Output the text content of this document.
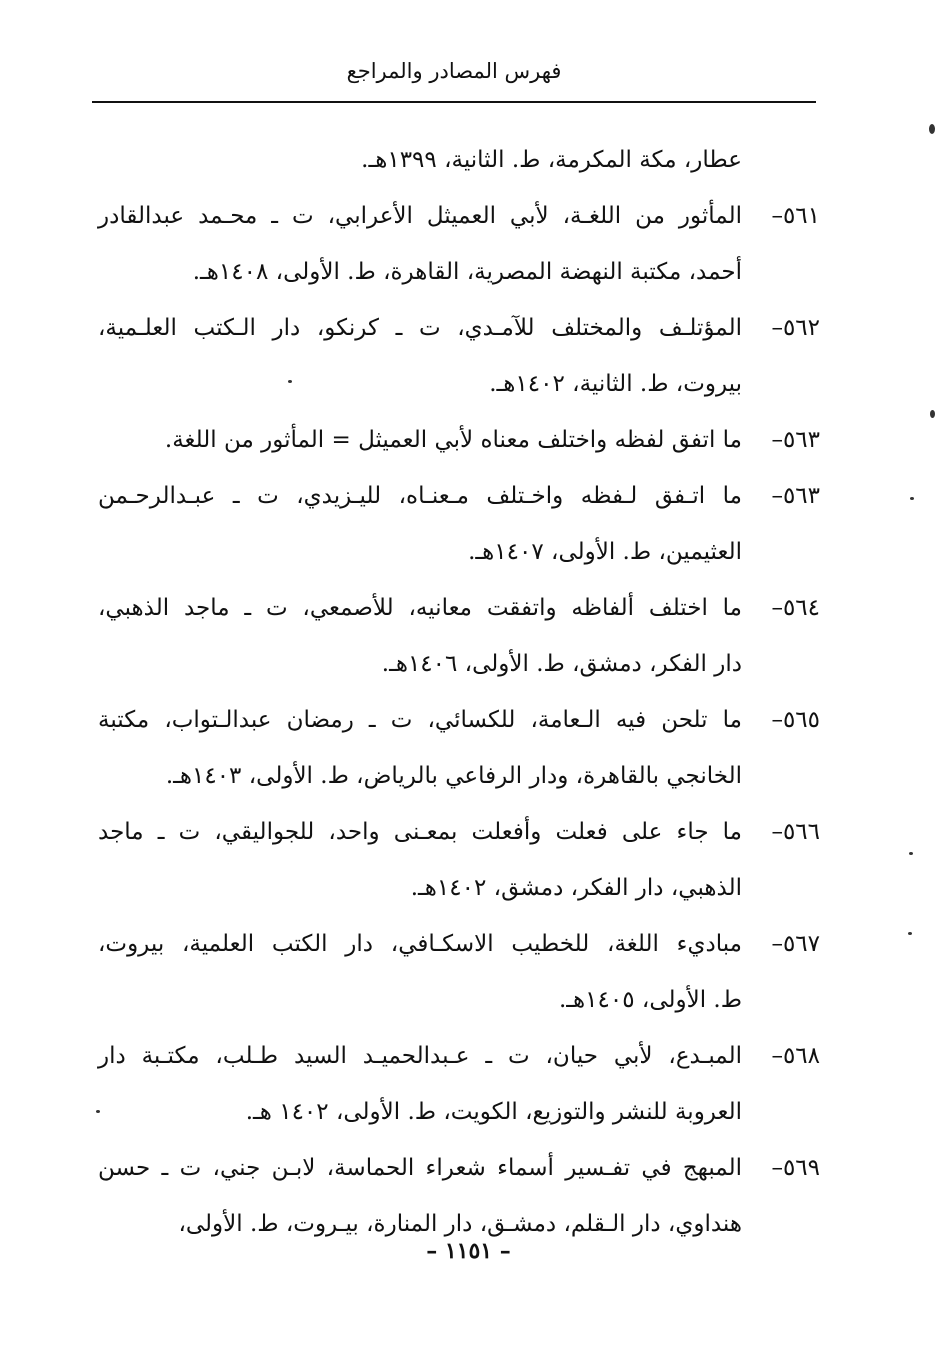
فهرس المصادر والمراجع
عطار، مكة المكرمة، ط. الثانية، ١٣٩٩هـ.
٥٦١–
المأثور من اللغـة، لأبي العميثل الأعرابي، ت ـ محـمد عبدالقادر
أحمد، مكتبة النهضة المصرية، القاهرة، ط. الأولى، ١٤٠٨هـ.
٥٦٢–
المؤتلـف والمختلف للآمـدي، ت ـ كرنكو، دار الـكتب العلـمية،
بيروت، ط. الثانية، ١٤٠٢هـ.
٥٦٣–
ما اتفق لفظه واختلف معناه لأبي العميثل = المأثور من اللغة.
٥٦٣–
ما اتـفق لـفظه واخـتلف مـعنـاه، لليـزيدي، ت ـ عبـدالرحـمن
العثيمين، ط. الأولى، ١٤٠٧هـ.
٥٦٤–
ما اختلف ألفاظه واتفقت معانيه، للأصمعي، ت ـ ماجد الذهبي،
دار الفكر، دمشق، ط. الأولى، ١٤٠٦هـ.
٥٦٥–
ما تلحن فيه الـعامة، للكسائي، ت ـ رمضان عبدالـتواب، مكتبة
الخانجي بالقاهرة، ودار الرفاعي بالرياض، ط. الأولى، ١٤٠٣هـ.
٥٦٦–
ما جاء على فعلت وأفعلت بمعـنى واحد، للجواليقي، ت ـ ماجد
الذهبي، دار الفكر، دمشق، ١٤٠٢هـ.
٥٦٧–
مباديء اللغة، للخطيب الاسكـافي، دار الكتب العلمية، بيروت،
ط. الأولى، ١٤٠٥هـ.
٥٦٨–
المبـدع، لأبي حيان، ت ـ عـبدالحميـد السيد طـلب، مكتـبة دار
العروبة للنشر والتوزيع، الكويت، ط. الأولى، ١٤٠٢ هـ.
٥٦٩–
المبهج في تفـسير أسماء شعراء الحماسة، لابـن جني، ت ـ حسن
هنداوي، دار الـقلم، دمشـق، دار المنارة، بيـروت، ط. الأولى،
– ١١٥١ –
